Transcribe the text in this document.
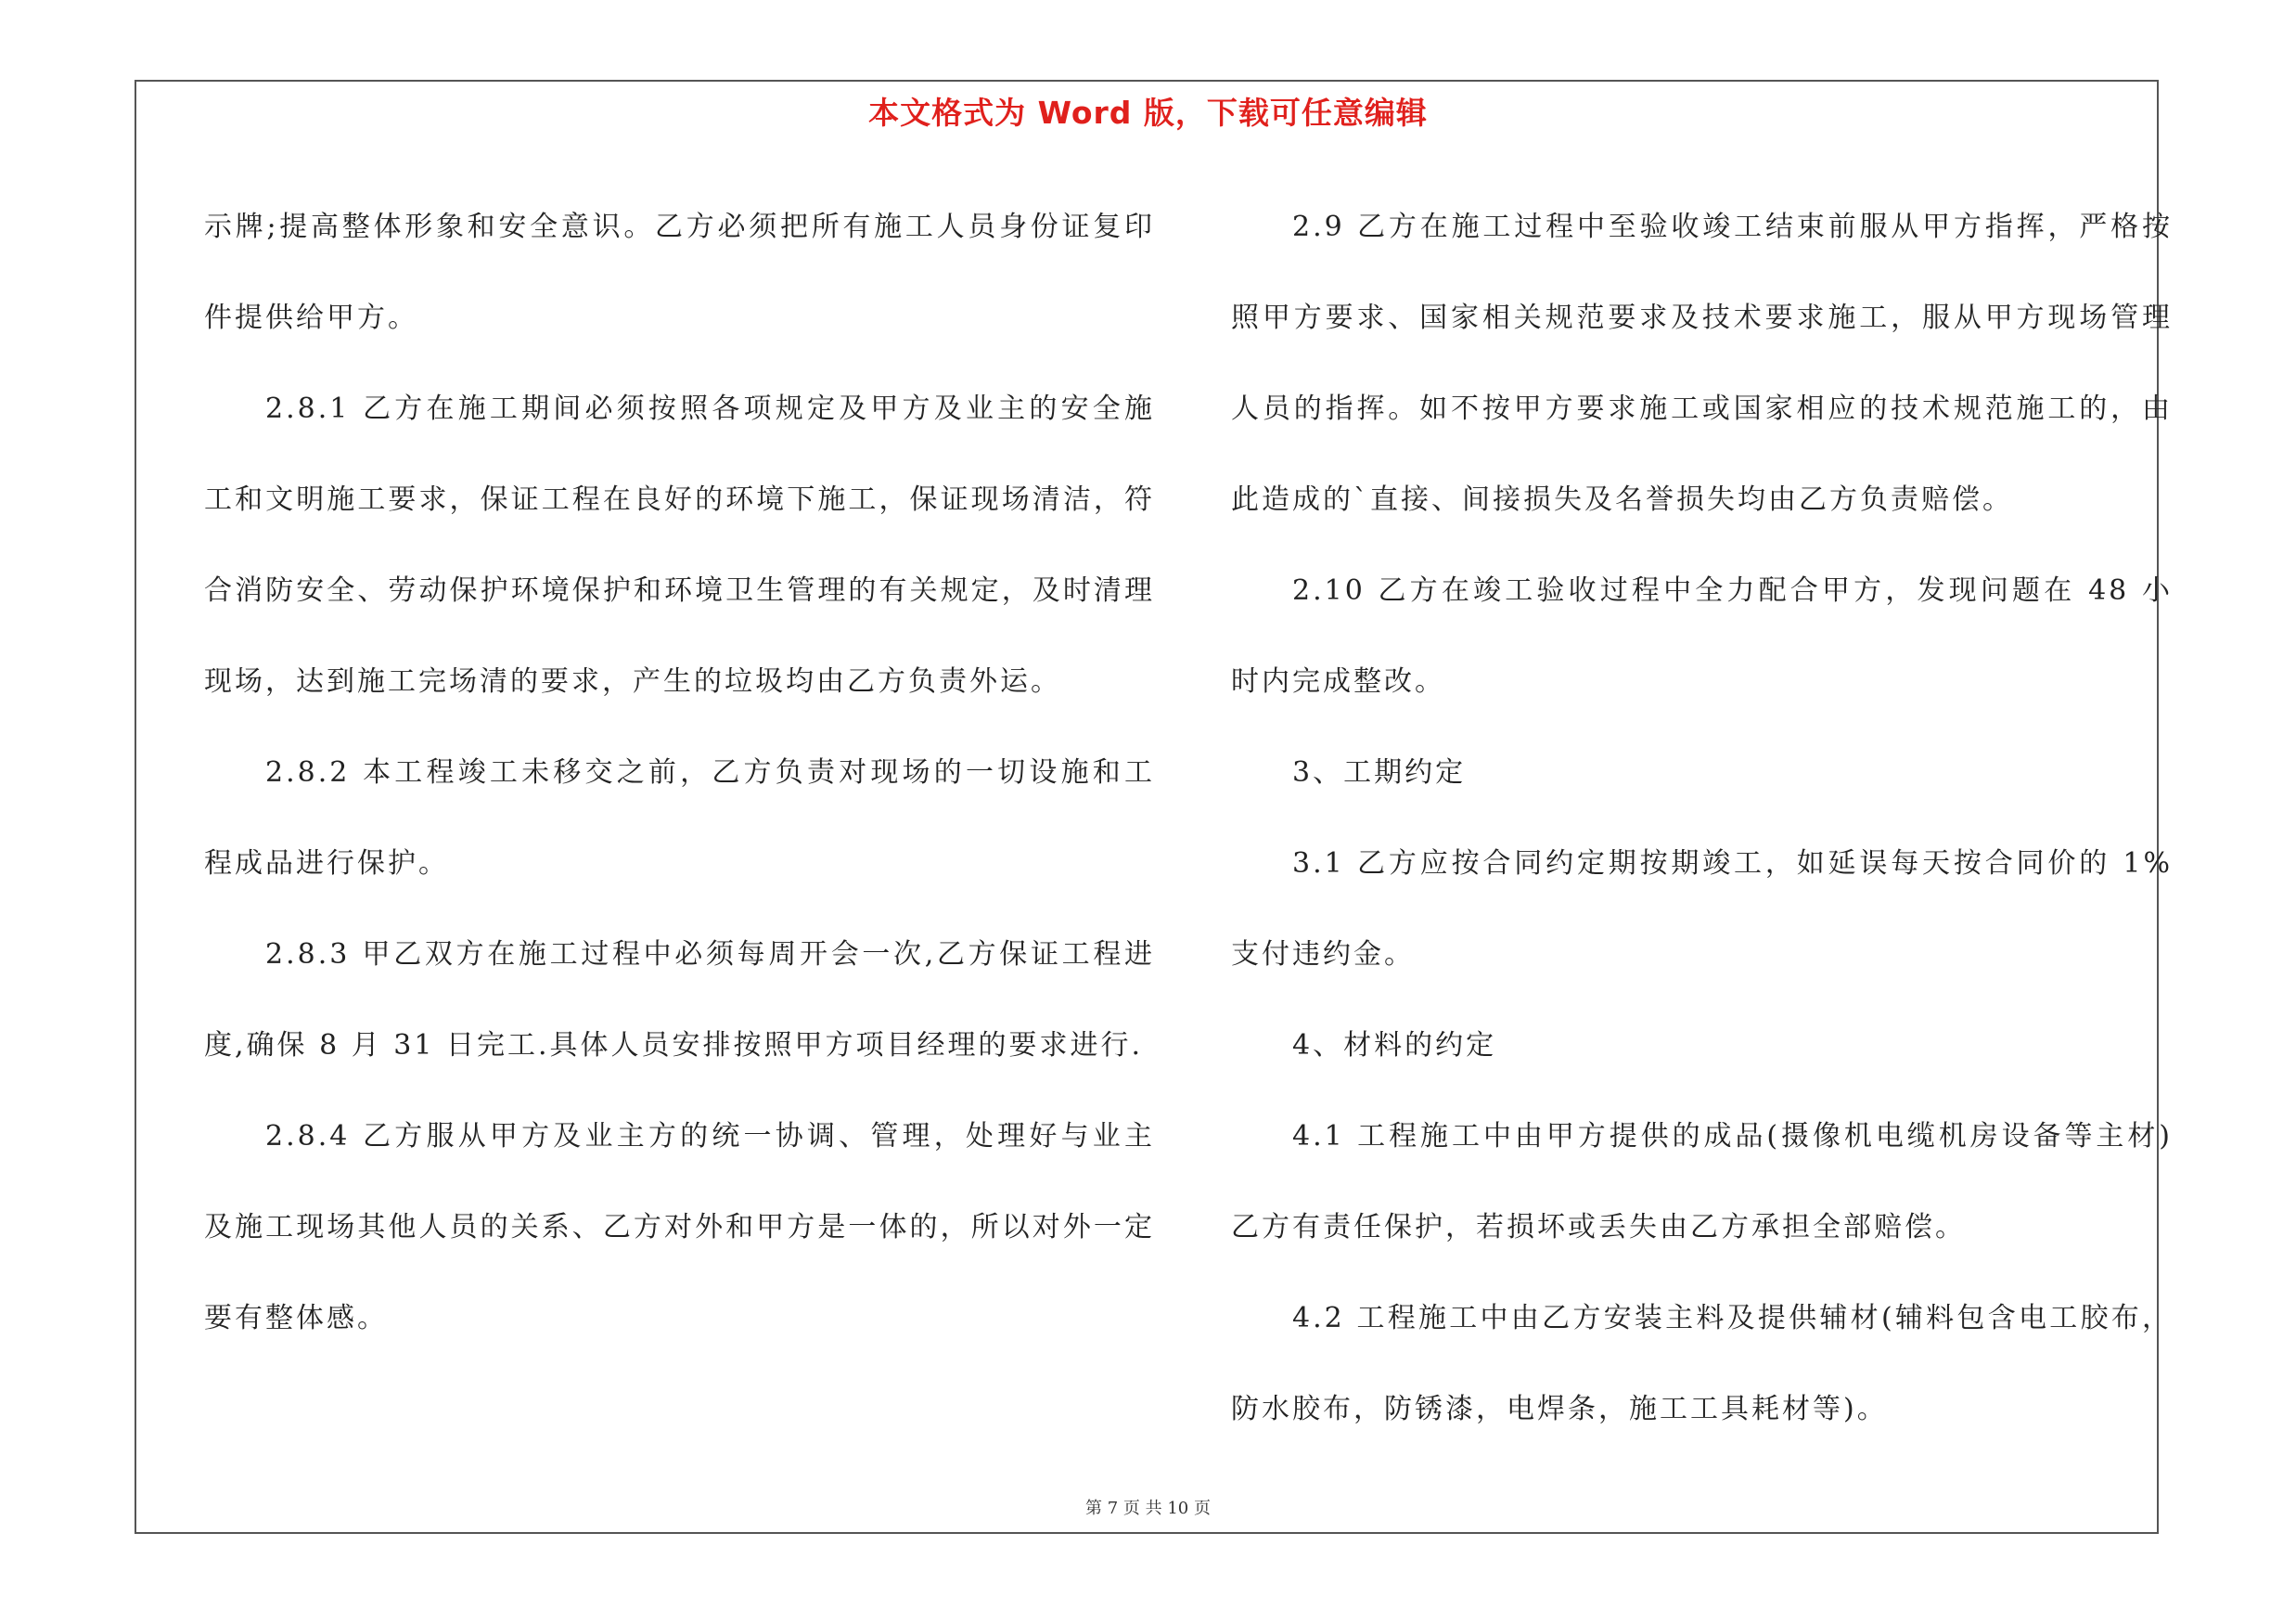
本文格式为 Word 版，下载可任意编辑

示牌;提高整体形象和安全意识。乙方必须把所有施工人员身份证复印件提供给甲方。

2.8.1 乙方在施工期间必须按照各项规定及甲方及业主的安全施工和文明施工要求，保证工程在良好的环境下施工，保证现场清洁，符合消防安全、劳动保护环境保护和环境卫生管理的有关规定，及时清理现场，达到施工完场清的要求，产生的垃圾均由乙方负责外运。

2.8.2 本工程竣工未移交之前，乙方负责对现场的一切设施和工程成品进行保护。

2.8.3 甲乙双方在施工过程中必须每周开会一次,乙方保证工程进度,确保 8 月 31 日完工.具体人员安排按照甲方项目经理的要求进行.

2.8.4 乙方服从甲方及业主方的统一协调、管理，处理好与业主及施工现场其他人员的关系、乙方对外和甲方是一体的，所以对外一定要有整体感。

2.9 乙方在施工过程中至验收竣工结束前服从甲方指挥，严格按照甲方要求、国家相关规范要求及技术要求施工，服从甲方现场管理人员的指挥。如不按甲方要求施工或国家相应的技术规范施工的，由此造成的`直接、间接损失及名誉损失均由乙方负责赔偿。

2.10 乙方在竣工验收过程中全力配合甲方，发现问题在 48 小时内完成整改。

3、工期约定

3.1 乙方应按合同约定期按期竣工，如延误每天按合同价的 1%支付违约金。

4、材料的约定

4.1 工程施工中由甲方提供的成品(摄像机电缆机房设备等主材)乙方有责任保护，若损坏或丢失由乙方承担全部赔偿。

4.2 工程施工中由乙方安装主料及提供辅材(辅料包含电工胶布，防水胶布，防锈漆，电焊条，施工工具耗材等)。

第 7 页 共 10 页
